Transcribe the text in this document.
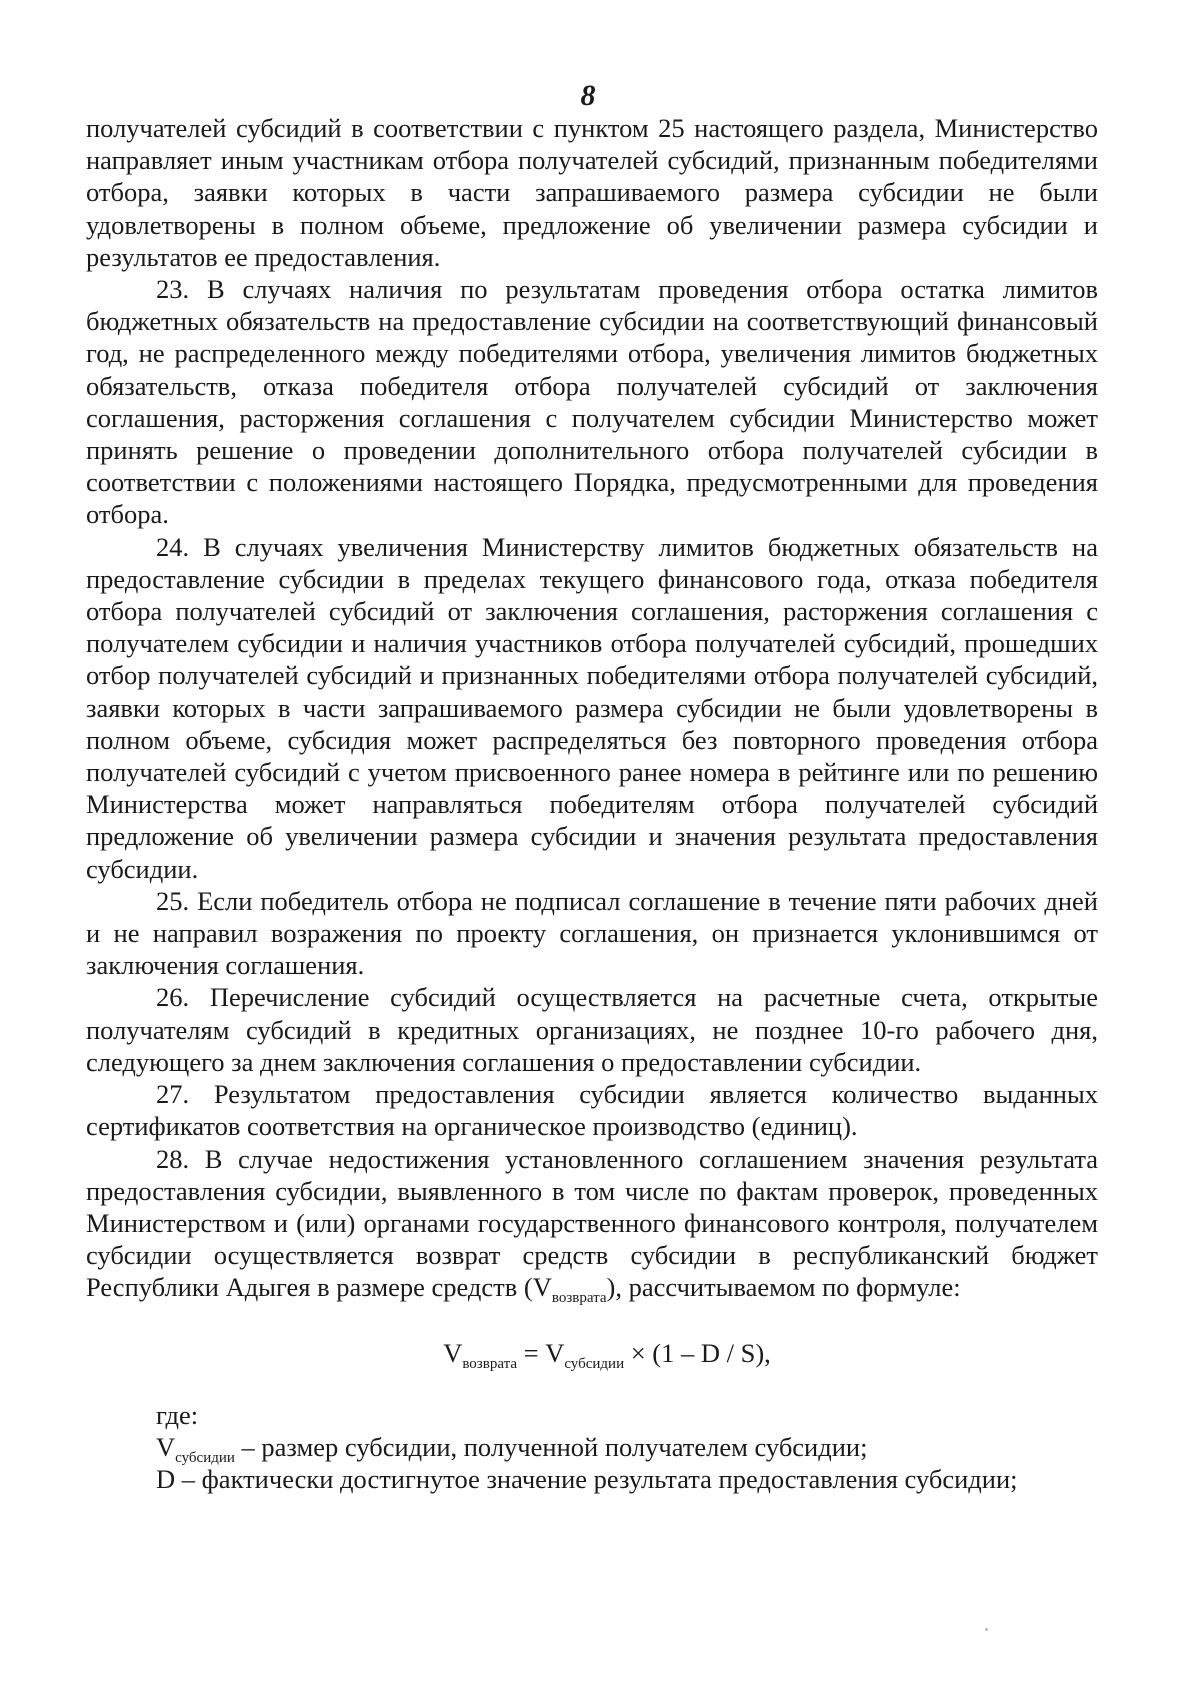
8

получателей субсидий в соответствии с пунктом 25 настоящего раздела, Министерство направляет иным участникам отбора получателей субсидий, признанным победителями отбора, заявки которых в части запрашиваемого размера субсидии не были удовлетворены в полном объеме, предложение об увеличении размера субсидии и результатов ее предоставления.

23. В случаях наличия по результатам проведения отбора остатка лимитов бюджетных обязательств на предоставление субсидии на соответствующий финансовый год, не распределенного между победителями отбора, увеличения лимитов бюджетных обязательств, отказа победителя отбора получателей субсидий от заключения соглашения, расторжения соглашения с получателем субсидии Министерство может принять решение о проведении дополнительного отбора получателей субсидии в соответствии с положениями настоящего Порядка, предусмотренными для проведения отбора.

24. В случаях увеличения Министерству лимитов бюджетных обязательств на предоставление субсидии в пределах текущего финансового года, отказа победителя отбора получателей субсидий от заключения соглашения, расторжения соглашения с получателем субсидии и наличия участников отбора получателей субсидий, прошедших отбор получателей субсидий и признанных победителями отбора получателей субсидий, заявки которых в части запрашиваемого размера субсидии не были удовлетворены в полном объеме, субсидия может распределяться без повторного проведения отбора получателей субсидий с учетом присвоенного ранее номера в рейтинге или по решению Министерства может направляться победителям отбора получателей субсидий предложение об увеличении размера субсидии и значения результата предоставления субсидии.

25. Если победитель отбора не подписал соглашение в течение пяти рабочих дней и не направил возражения по проекту соглашения, он признается уклонившимся от заключения соглашения.

26. Перечисление субсидий осуществляется на расчетные счета, открытые получателям субсидий в кредитных организациях, не позднее 10-го рабочего дня, следующего за днем заключения соглашения о предоставлении субсидии.

27. Результатом предоставления субсидии является количество выданных сертификатов соответствия на органическое производство (единиц).

28. В случае недостижения установленного соглашением значения результата предоставления субсидии, выявленного в том числе по фактам проверок, проведенных Министерством и (или) органами государственного финансового контроля, получателем субсидии осуществляется возврат средств субсидии в республиканский бюджет Республики Адыгея в размере средств $(V_{возврата})$, рассчитываемом по формуле:

$V_{возврата} = V_{субсидии} \times (1 - D / S)$,

где:

$V_{субсидии}$ – размер субсидии, полученной получателем субсидии;

D – фактически достигнутое значение результата предоставления субсидии;
